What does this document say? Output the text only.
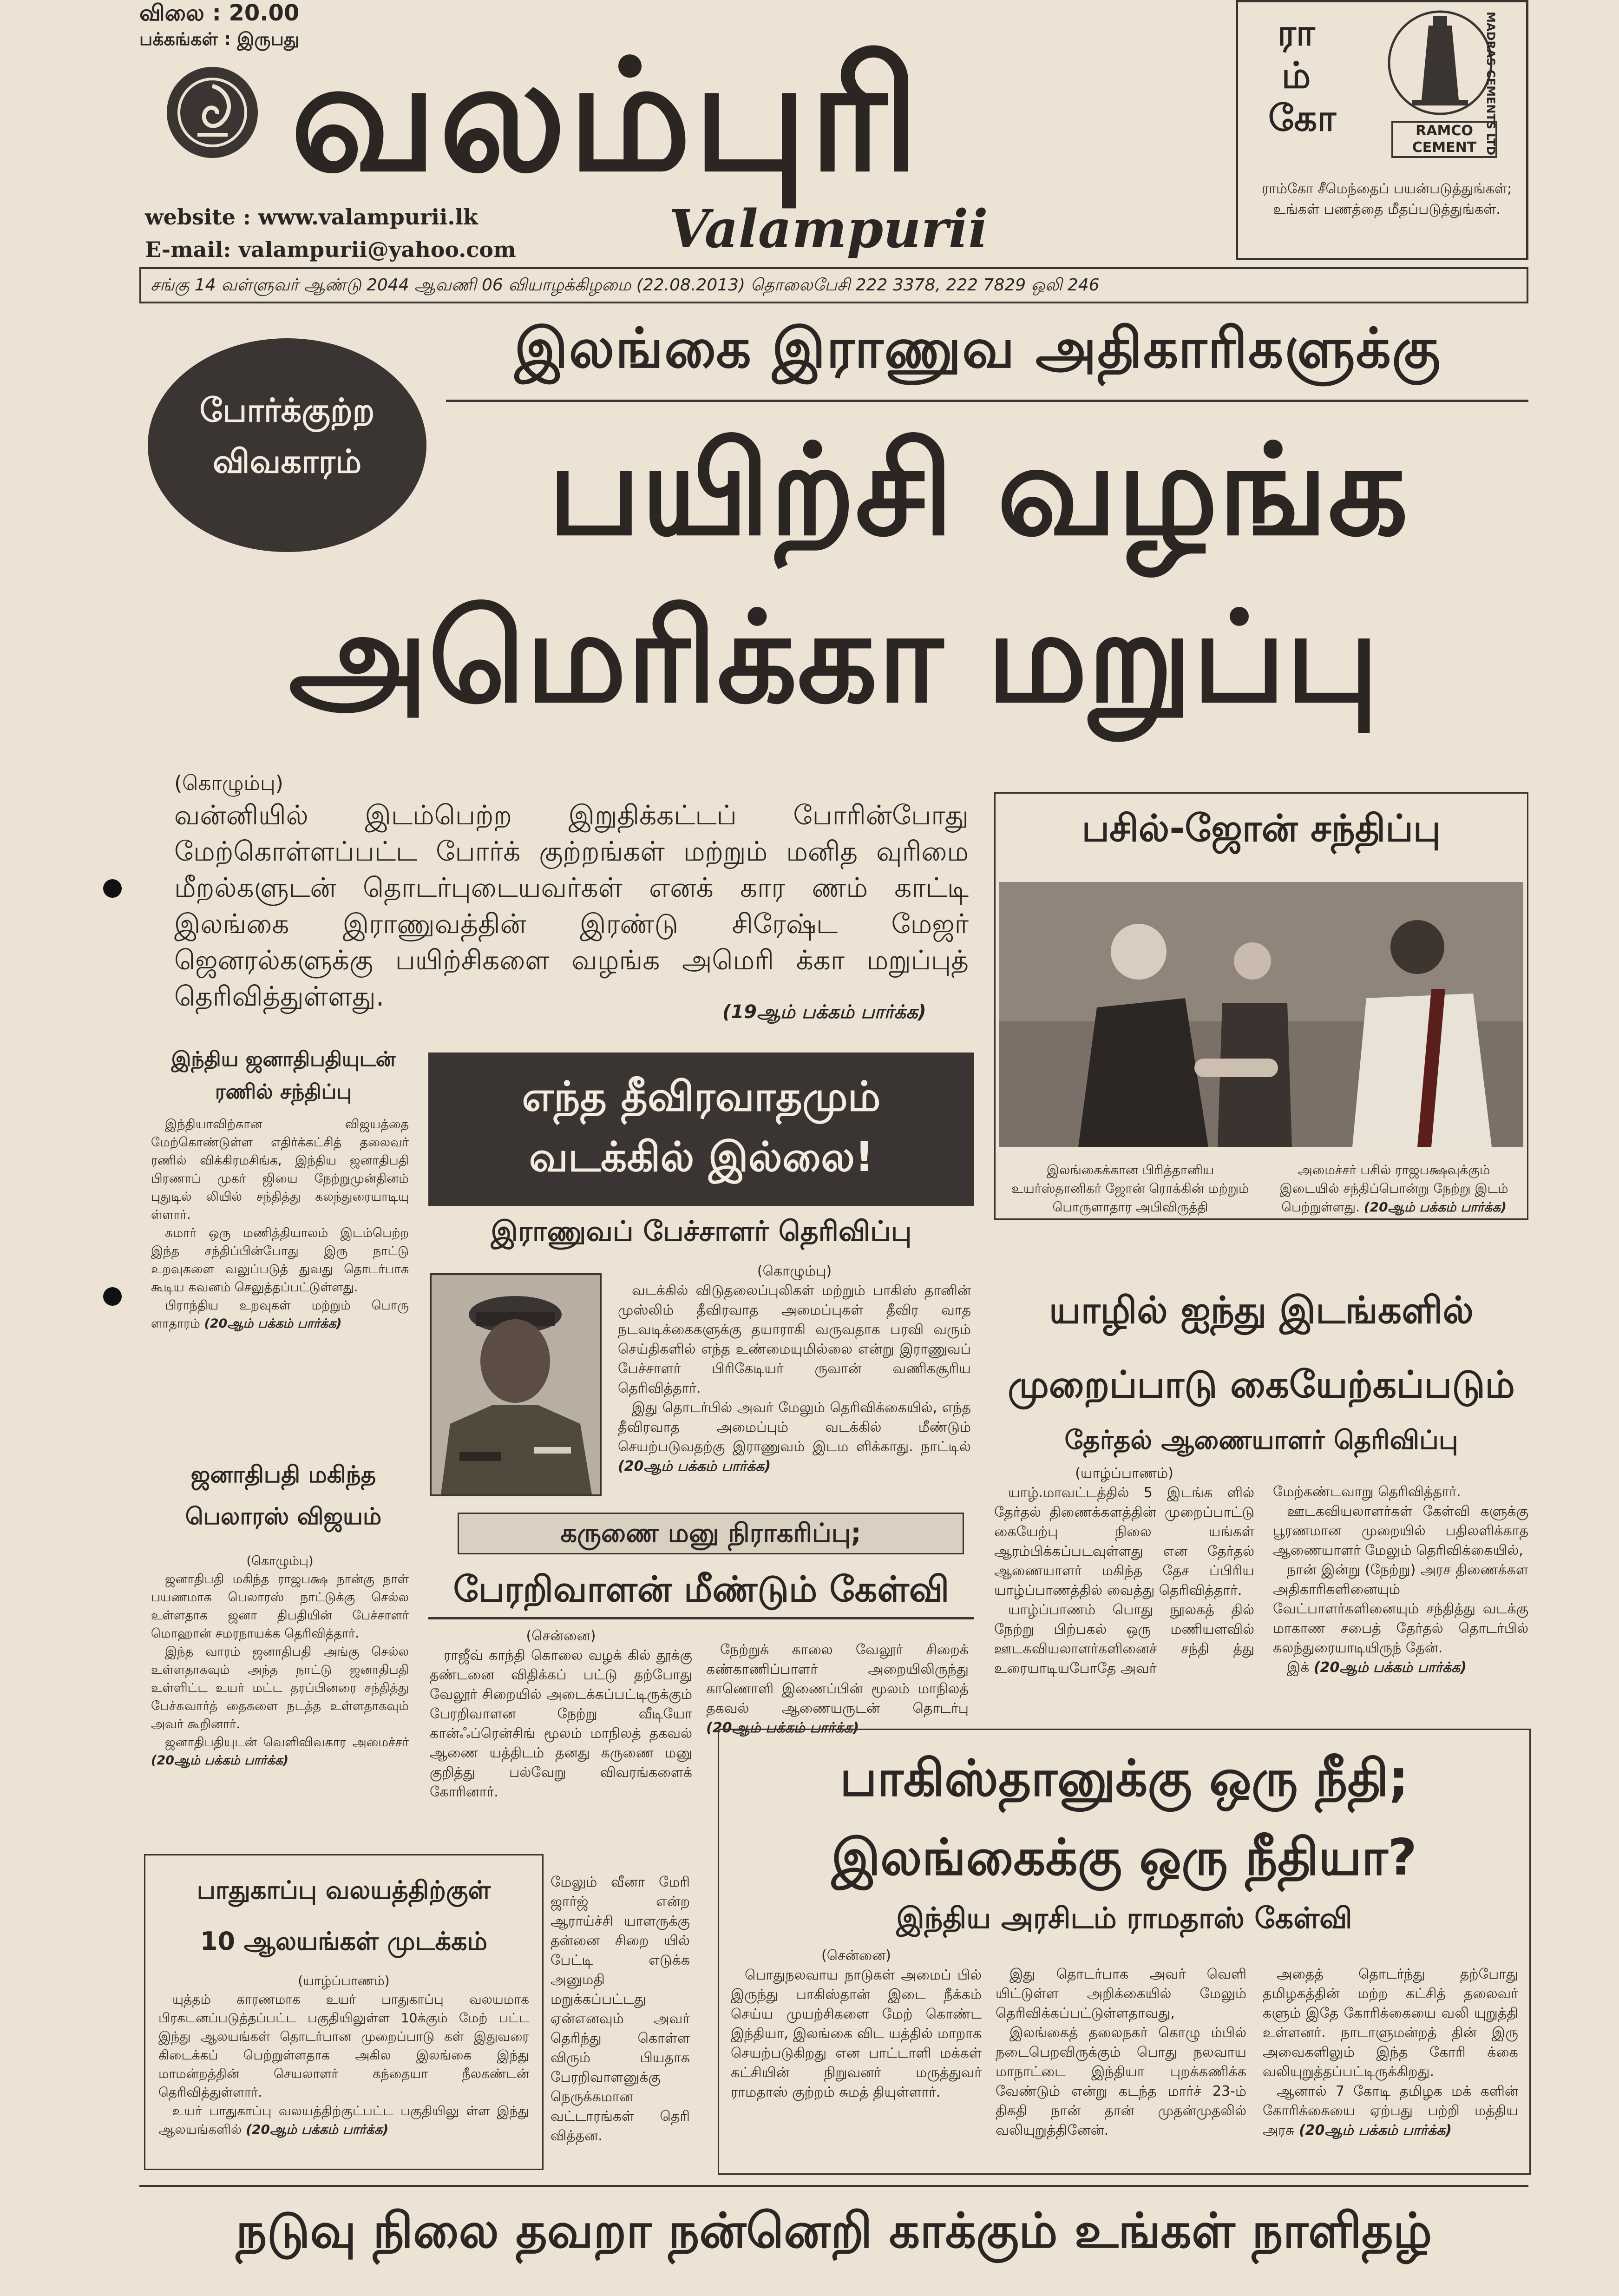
விலை : 20.00
பக்கங்கள் : இருபது
வலம்புரி
Valampurii
website : www.valampurii.lk
E-mail: valampurii@yahoo.com
ரா
ம்
கோ	MADRAS CEMENTS LTD
RAMCO CEMENT
ராம்கோ சீமெந்தைப் பயன்படுத்துங்கள்; உங்கள் பணத்தை மீதப்படுத்துங்கள்.
சங்கு 14 வள்ளுவர் ஆண்டு 2044 ஆவணி 06 வியாழக்கிழமை (22.08.2013) தொலைபேசி 222 3378, 222 7829 ஒலி 246
போர்க்குற்ற
விவகாரம்
இலங்கை இராணுவ அதிகாரிகளுக்கு
பயிற்சி வழங்க
அமெரிக்கா மறுப்பு
(கொழும்பு)
வன்னியில் இடம்பெற்ற இறுதிக்கட்டப் போரின்போது மேற்கொள்ளப்பட்ட போர்க் குற்றங்கள் மற்றும் மனித வுரிமை மீறல்களுடன் தொடர்புடையவர்கள் எனக் கார ணம் காட்டி இலங்கை இராணுவத்தின் இரண்டு சிரேஷ்ட மேஜர் ஜெனரல்களுக்கு பயிற்சிகளை வழங்க அமெரி க்கா மறுப்புத் தெரிவித்துள்ளது.	(19ஆம் பக்கம் பார்க்க)
பசில்-ஜோன் சந்திப்பு
இலங்கைக்கான பிரித்தானிய உயர்ஸ்தானிகர் ஜோன் ரொக்கின் மற்றும் பொருளாதார அபிவிருத்தி
அமைச்சர் பசில் ராஜபக்ஷவுக்கும் இடையில் சந்திப்பொன்று நேற்று இடம் பெற்றுள்ளது. (20ஆம் பக்கம் பார்க்க)
இந்திய ஜனாதிபதியுடன்
ரணில் சந்திப்பு

இந்தியாவிற்கான விஜயத்தை மேற்கொண்டுள்ள எதிர்க்கட்சித் தலைவர் ரணில் விக்கிரமசிங்க, இந்திய ஜனாதிபதி பிரணாப் முகர் ஜியை நேற்றுமுன்தினம் புதுடில் லியில் சந்தித்து கலந்துரையாடியு ள்ளார்.

சுமார் ஒரு மணித்தியாலம் இடம்பெற்ற இந்த சந்திப்பின்போது இரு நாட்டு உறவுகளை வலுப்படுத் துவது தொடர்பாக கூடிய கவனம் செலுத்தப்பட்டுள்ளது.

பிராந்திய உறவுகள் மற்றும் பொரு ளாதாரம் (20ஆம் பக்கம் பார்க்க)

ஜனாதிபதி மகிந்த
பெலாரஸ் விஜயம்
(கொழும்பு)

ஜனாதிபதி மகிந்த ராஜபக்ஷ நான்கு நாள் பயணமாக பெலாரஸ் நாட்டுக்கு செல்ல உள்ளதாக ஜனா திபதியின் பேச்சாளர் மொஹான் சமரநாயக்க தெரிவித்தார்.

இந்த வாரம் ஜனாதிபதி அங்கு செல்ல உள்ளதாகவும் அந்த நாட்டு ஜனாதிபதி உள்ளிட்ட உயர் மட்ட தரப்பினரை சந்தித்து பேச்சுவார்த் தைகளை நடத்த உள்ளதாகவும் அவர் கூறினார்.

ஜனாதிபதியுடன் வெளிவிவகார அமைச்சர் (20ஆம் பக்கம் பார்க்க)

எந்த தீவிரவாதமும்
வடக்கில் இல்லை!
இராணுவப் பேச்சாளர் தெரிவிப்பு
(கொழும்பு)

வடக்கில் விடுதலைப்புலிகள் மற்றும் பாகிஸ் தானின் முஸ்லிம் தீவிரவாத அமைப்புகள் தீவிர வாத நடவடிக்கைகளுக்கு தயாராகி வருவதாக பரவி வரும் செய்திகளில் எந்த உண்மையுமில்லை என்று இராணுவப் பேச்சாளர் பிரிகேடியர் ருவான் வணிகசூரிய தெரிவித்தார்.

இது தொடர்பில் அவர் மேலும் தெரிவிக்கையில், எந்த தீவிரவாத அமைப்பும் வடக்கில் மீண்டும் செயற்படுவதற்கு இராணுவம் இடம ளிக்காது. நாட்டில் (20ஆம் பக்கம் பார்க்க)

யாழில் ஐந்து இடங்களில்
முறைப்பாடு கையேற்கப்படும்
தேர்தல் ஆணையாளர் தெரிவிப்பு
(யாழ்ப்பாணம்)

யாழ்.மாவட்டத்தில் 5 இடங்க ளில் தேர்தல் திணைக்களத்தின் முறைப்பாட்டு கையேற்பு நிலை யங்கள் ஆரம்பிக்கப்படவுள்ளது என தேர்தல் ஆணையாளர் மகிந்த தேச ப்பிரிய யாழ்ப்பாணத்தில் வைத்து தெரிவித்தார்.

யாழ்ப்பாணம் பொது நூலகத் தில் நேற்று பிற்பகல் ஒரு மணியளவில் ஊடகவியலாளர்களினைச் சந்தி த்து உரையாடியபோதே அவர்

மேற்கண்டவாறு தெரிவித்தார்.

ஊடகவியலாளர்கள் கேள்வி களுக்கு பூரணமான முறையில் பதிலளிக்காத ஆணையாளர் மேலும் தெரிவிக்கையில்,

நான் இன்று (நேற்று) அரச திணைக்கள அதிகாரிகளினையும் வேட்பாளர்களினையும் சந்தித்து வடக்கு மாகாண சபைத் தேர்தல் தொடர்பில் கலந்துரையாடியிருந் தேன்.

இக் (20ஆம் பக்கம் பார்க்க)

கருணை மனு நிராகரிப்பு;
பேரறிவாளன் மீண்டும் கேள்வி
(சென்னை)

ராஜீவ் காந்தி கொலை வழக் கில் தூக்கு தண்டனை விதிக்கப் பட்டு தற்போது வேலூர் சிறையில் அடைக்கப்பட்டிருக்கும் பேரறிவாளன நேற்று வீடியோ கான்ஃப்ரென்சிங் மூலம் மாநிலத் தகவல் ஆணை யத்திடம் தனது கருணை மனு குறித்து பல்வேறு விவரங்களைக் கோரினார்.

நேற்றுக் காலை வேலூர் சிறைக் கண்காணிப்பாளர் அறையிலிருந்து காணொளி இணைப்பின் மூலம் மாநிலத் தகவல் ஆணையருடன் தொடர்பு (20ஆம் பக்கம் பார்க்க)

மேலும் வீனா மேரி ஜார்ஜ் என்ற ஆராய்ச்சி யாளருக்கு தன்னை சிறை யில் பேட்டி எடுக்க அனுமதி மறுக்கப்பட்டது ஏன்எனவும் அவர் தெரிந்து கொள்ள விரும் பியதாக பேரறிவாளனுக்கு நெருக்கமான வட்டாரங்கள் தெரி வித்தன.

பாதுகாப்பு வலயத்திற்குள்
10 ஆலயங்கள் முடக்கம்
(யாழ்ப்பாணம்)

யுத்தம் காரணமாக உயர் பாதுகாப்பு வலயமாக பிரகடனப்படுத்தப்பட்ட பகுதியிலுள்ள 10க்கும் மேற் பட்ட இந்து ஆலயங்கள் தொடர்பான முறைப்பாடு கள் இதுவரை கிடைக்கப் பெற்றுள்ளதாக அகில இலங்கை இந்து மாமன்றத்தின் செயலாளர் கந்தையா நீலகண்டன் தெரிவித்துள்ளார்.

உயர் பாதுகாப்பு வலயத்திற்குட்பட்ட பகுதியிலு ள்ள இந்து ஆலயங்களில் (20ஆம் பக்கம் பார்க்க)

பாகிஸ்தானுக்கு ஒரு நீதி;
இலங்கைக்கு ஒரு நீதியா?
இந்திய அரசிடம் ராமதாஸ் கேள்வி
(சென்னை)

பொதுநலவாய நாடுகள் அமைப் பில் இருந்து பாகிஸ்தான் இடை நீக்கம் செய்ய முயற்சிகளை மேற் கொண்ட இந்தியா, இலங்கை விட யத்தில் மாறாக செயற்படுகிறது என பாட்டாளி மக்கள் கட்சியின் நிறுவனர் மருத்துவர் ராமதாஸ் குற்றம் சுமத் தியுள்ளார்.

இது தொடர்பாக அவர் வெளி யிட்டுள்ள அறிக்கையில் மேலும் தெரிவிக்கப்பட்டுள்ளதாவது,

இலங்கைத் தலைநகர் கொழு ம்பில் நடைபெறவிருக்கும் பொது நலவாய மாநாட்டை இந்தியா புறக்கணிக்க வேண்டும் என்று கடந்த மார்ச் 23-ம் திகதி நான் தான் முதன்முதலில் வலியுறுத்தினேன்.

அதைத் தொடர்ந்து தற்போது தமிழகத்தின் மற்ற கட்சித் தலைவர் களும் இதே கோரிக்கையை வலி யுறுத்தி உள்ளனர். நாடாளுமன்றத் தின் இரு அவைகளிலும் இந்த கோரி க்கை வலியுறுத்தப்பட்டிருக்கிறது.

ஆனால் 7 கோடி தமிழக மக் களின் கோரிக்கையை ஏற்பது பற்றி மத்திய அரசு (20ஆம் பக்கம் பார்க்க)

நடுவு நிலை தவறா நன்னெறி காக்கும் உங்கள் நாளிதழ்
